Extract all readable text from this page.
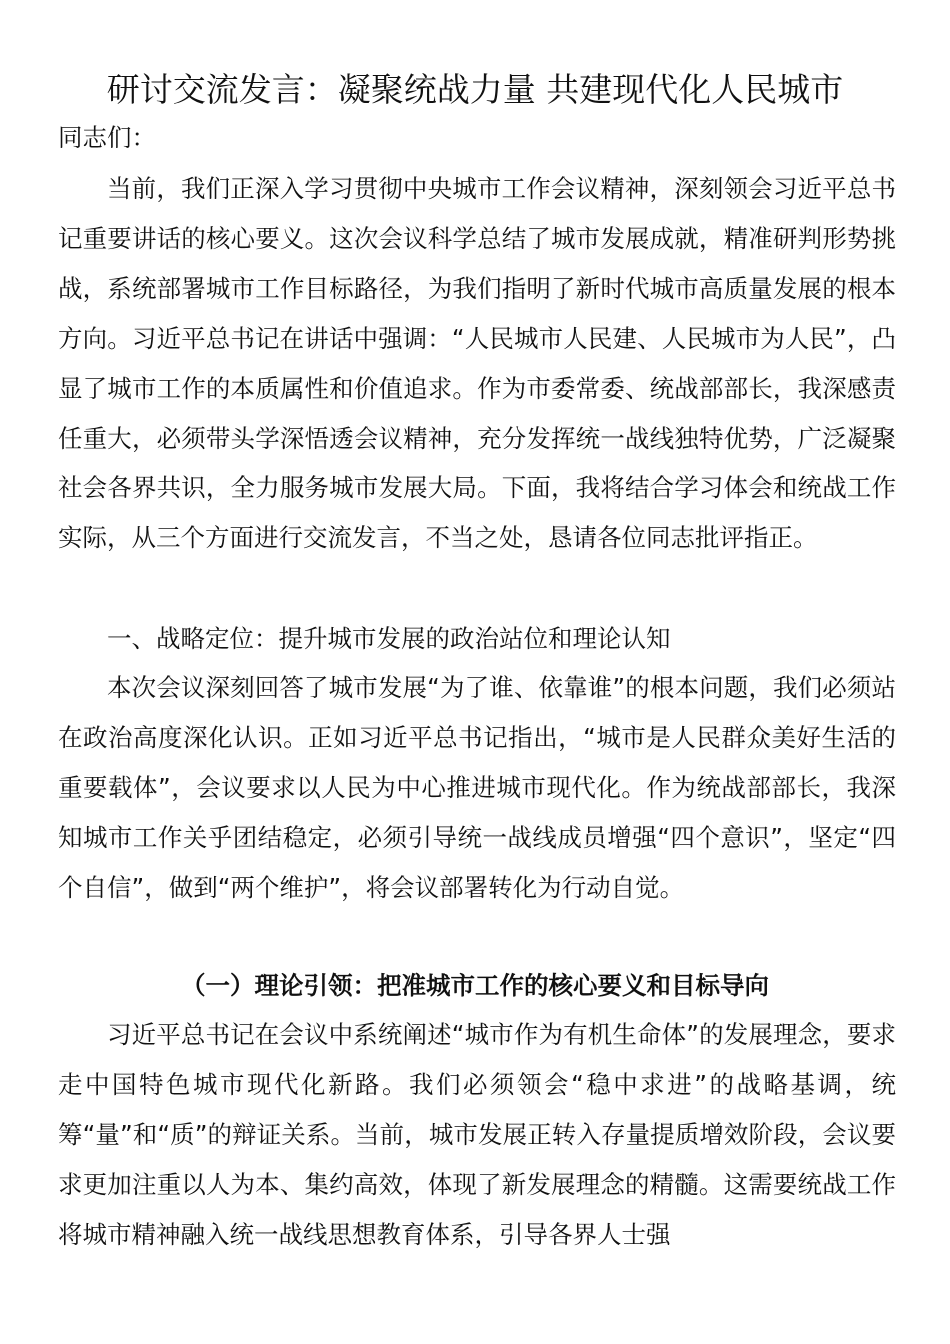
研讨交流发言：凝聚统战力量 共建现代化人民城市
同志们：

当前，我们正深入学习贯彻中央城市工作会议精神，深刻领会习近平总书记重要讲话的核心要义。这次会议科学总结了城市发展成就，精准研判形势挑战，系统部署城市工作目标路径，为我们指明了新时代城市高质量发展的根本方向。习近平总书记在讲话中强调：“人民城市人民建、人民城市为人民”，凸显了城市工作的本质属性和价值追求。作为市委常委、统战部部长，我深感责任重大，必须带头学深悟透会议精神，充分发挥统一战线独特优势，广泛凝聚社会各界共识，全力服务城市发展大局。下面，我将结合学习体会和统战工作实际，从三个方面进行交流发言，不当之处，恳请各位同志批评指正。

一、战略定位：提升城市发展的政治站位和理论认知

本次会议深刻回答了城市发展“为了谁、依靠谁”的根本问题，我们必须站在政治高度深化认识。正如习近平总书记指出，“城市是人民群众美好生活的重要载体”，会议要求以人民为中心推进城市现代化。作为统战部部长，我深知城市工作关乎团结稳定，必须引导统一战线成员增强“四个意识”，坚定“四个自信”，做到“两个维护”，将会议部署转化为行动自觉。

（一）理论引领：把准城市工作的核心要义和目标导向

习近平总书记在会议中系统阐述“城市作为有机生命体”的发展理念，要求走中国特色城市现代化新路。我们必须领会“稳中求进”的战略基调，统筹“量”和“质”的辩证关系。当前，城市发展正转入存量提质增效阶段，会议要求更加注重以人为本、集约高效，体现了新发展理念的精髓。这需要统战工作将城市精神融入统一战线思想教育体系，引导各界人士强
